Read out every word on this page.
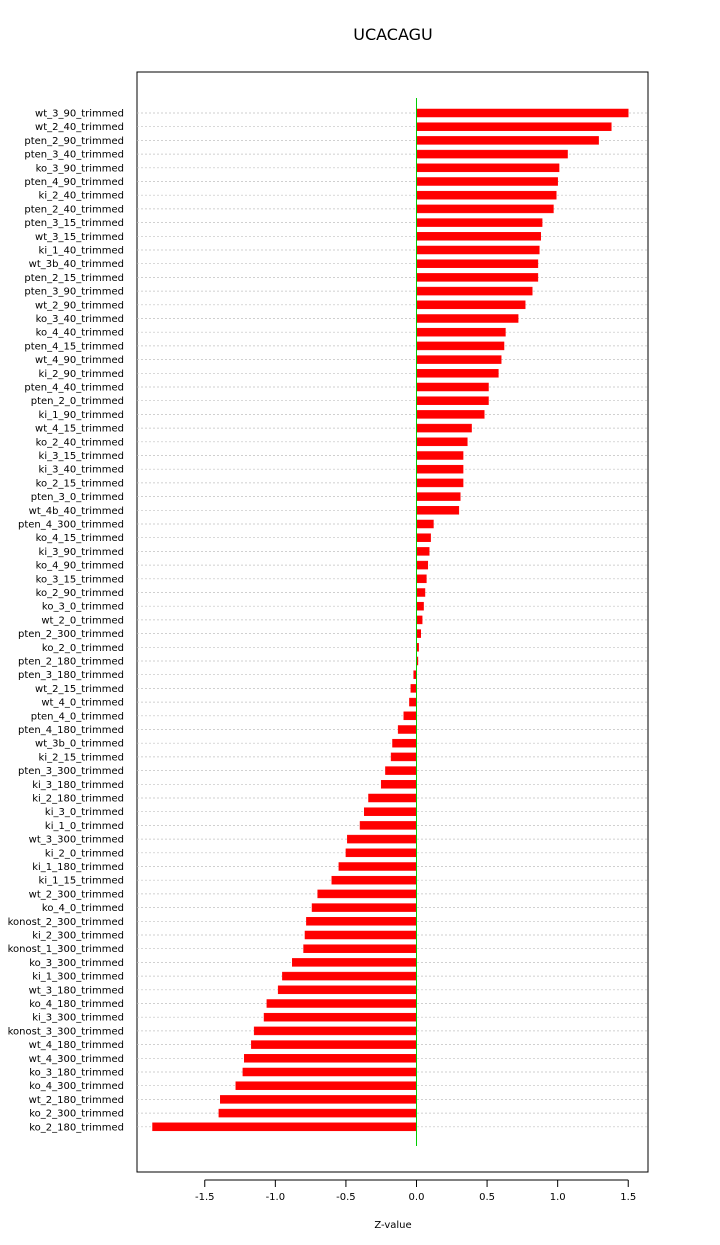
UCACAGU
wt_3_90_trimmed
wt_2_40_trimmed
pten_2_90_trimmed
pten_3_40_trimmed
ko_3_90_trimmed
pten_4_90_trimmed
ki_2_40_trimmed
pten_2_40_trimmed
pten_3_15_trimmed
wt_3_15_trimmed
ki_1_40_trimmed
wt_3b_40_trimmed
pten_2_15_trimmed
pten_3_90_trimmed
wt_2_90_trimmed
ko_3_40_trimmed
ko_4_40_trimmed
pten_4_15_trimmed
wt_4_90_trimmed
ki_2_90_trimmed
pten_4_40_trimmed
pten_2_0_trimmed
ki_1_90_trimmed
wt_4_15_trimmed
ko_2_40_trimmed
ki_3_15_trimmed
ki_3_40_trimmed
ko_2_15_trimmed
pten_3_0_trimmed
wt_4b_40_trimmed
pten_4_300_trimmed
ko_4_15_trimmed
ki_3_90_trimmed
ko_4_90_trimmed
ko_3_15_trimmed
ko_2_90_trimmed
ko_3_0_trimmed
wt_2_0_trimmed
pten_2_300_trimmed
ko_2_0_trimmed
pten_2_180_trimmed
pten_3_180_trimmed
wt_2_15_trimmed
wt_4_0_trimmed
pten_4_0_trimmed
pten_4_180_trimmed
wt_3b_0_trimmed
ki_2_15_trimmed
pten_3_300_trimmed
ki_3_180_trimmed
ki_2_180_trimmed
ki_3_0_trimmed
ki_1_0_trimmed
wt_3_300_trimmed
ki_2_0_trimmed
ki_1_180_trimmed
ki_1_15_trimmed
wt_2_300_trimmed
ko_4_0_trimmed
konost_2_300_trimmed
ki_2_300_trimmed
konost_1_300_trimmed
ko_3_300_trimmed
ki_1_300_trimmed
wt_3_180_trimmed
ko_4_180_trimmed
ki_3_300_trimmed
konost_3_300_trimmed
wt_4_180_trimmed
wt_4_300_trimmed
ko_3_180_trimmed
ko_4_300_trimmed
wt_2_180_trimmed
ko_2_300_trimmed
ko_2_180_trimmed
-1.5	-1.0	-0.5	0.0	0.5	1.0	1.5
Z-value
